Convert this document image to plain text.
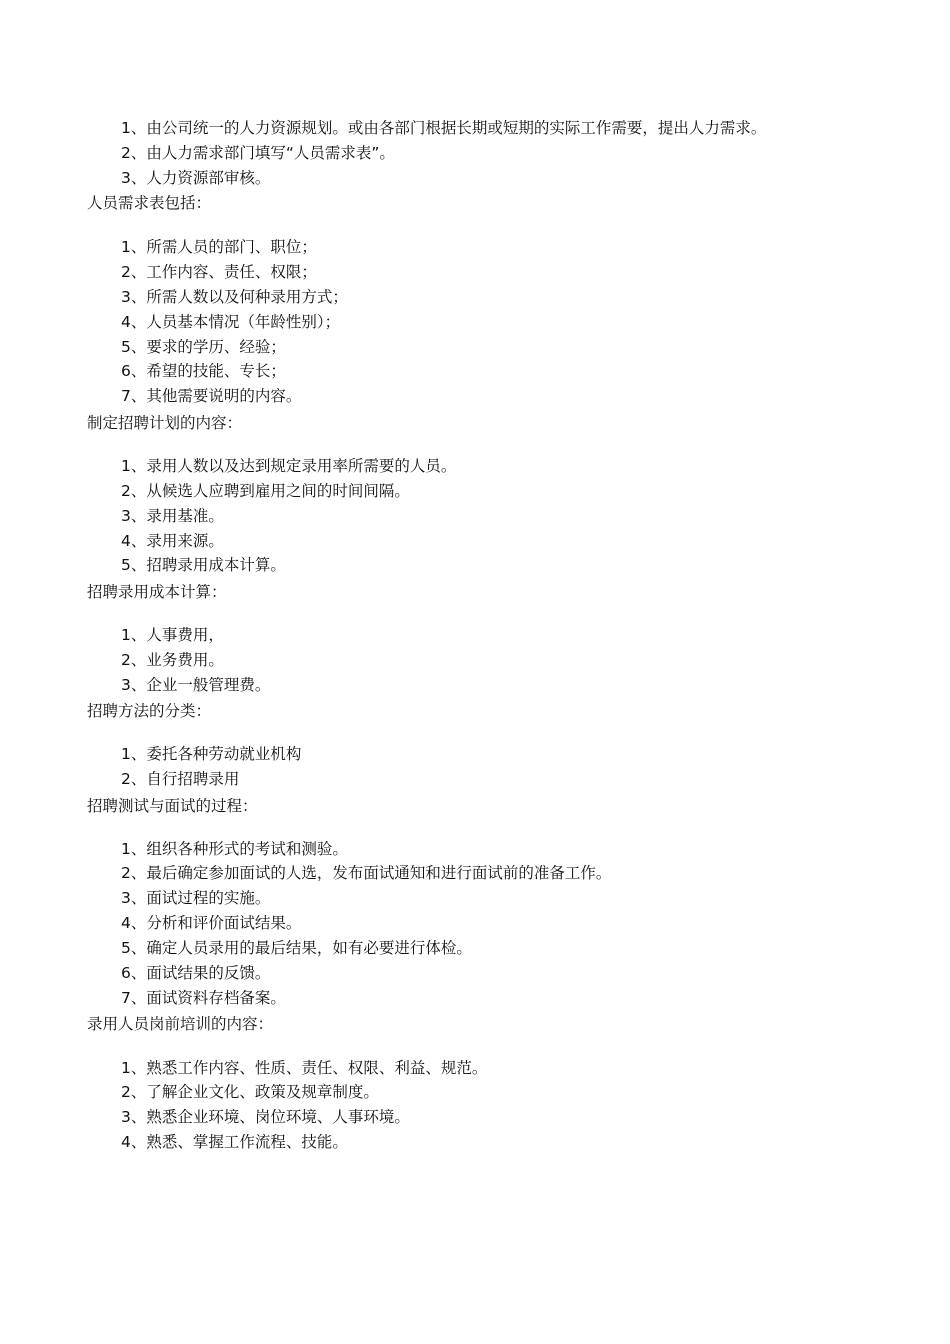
1、由公司统一的人力资源规划。或由各部门根据长期或短期的实际工作需要，提出人力需求。
2、由人力需求部门填写“人员需求表”。
3、人力资源部审核。
人员需求表包括：
1、所需人员的部门、职位；
2、工作内容、责任、权限；
3、所需人数以及何种录用方式；
4、人员基本情况（年龄性别）；
5、要求的学历、经验；
6、希望的技能、专长；
7、其他需要说明的内容。
制定招聘计划的内容：
1、录用人数以及达到规定录用率所需要的人员。
2、从候选人应聘到雇用之间的时间间隔。
3、录用基准。
4、录用来源。
5、招聘录用成本计算。
招聘录用成本计算：
1、人事费用，
2、业务费用。
3、企业一般管理费。
招聘方法的分类：
1、委托各种劳动就业机构
2、自行招聘录用
招聘测试与面试的过程：
1、组织各种形式的考试和测验。
2、最后确定参加面试的人选，发布面试通知和进行面试前的准备工作。
3、面试过程的实施。
4、分析和评价面试结果。
5、确定人员录用的最后结果，如有必要进行体检。
6、面试结果的反馈。
7、面试资料存档备案。
录用人员岗前培训的内容：
1、熟悉工作内容、性质、责任、权限、利益、规范。
2、了解企业文化、政策及规章制度。
3、熟悉企业环境、岗位环境、人事环境。
4、熟悉、掌握工作流程、技能。
